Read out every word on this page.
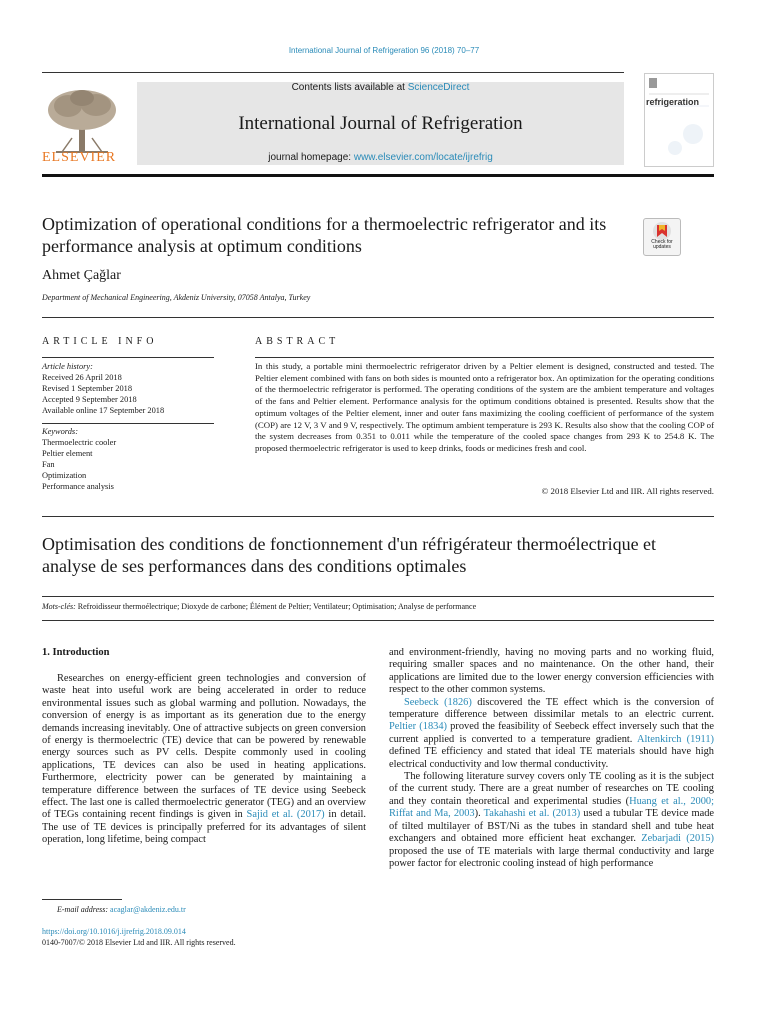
International Journal of Refrigeration 96 (2018) 70–77
ELSEVIER
Contents lists available at ScienceDirect
International Journal of Refrigeration
journal homepage: www.elsevier.com/locate/ijrefrig
refrigeration
Optimization of operational conditions for a thermoelectric refrigerator and its performance analysis at optimum conditions	Check for updates
Ahmet Çağlar
Department of Mechanical Engineering, Akdeniz University, 07058 Antalya, Turkey
ARTICLE INFO	ABSTRACT
Article history:
Received 26 April 2018
Revised 1 September 2018
Accepted 9 September 2018
Available online 17 September 2018
Keywords:
Thermoelectric cooler
Peltier element
Fan
Optimization
Performance analysis
In this study, a portable mini thermoelectric refrigerator driven by a Peltier element is designed, constructed and tested. The Peltier element combined with fans on both sides is mounted onto a refrigerator box. An optimization for the operating conditions of the thermoelectric refrigerator is performed. The operating conditions of the system are the ambient temperature and voltages of the fans and Peltier element. Performance analysis for the optimum conditions obtained is presented. Results show that the optimum voltages of the Peltier element, inner and outer fans maximizing the cooling coefficient of performance of the system (COP) are 12 V, 3 V and 9 V, respectively. The optimum ambient temperature is 293 K. Results also show that the cooling COP of the system decreases from 0.351 to 0.011 while the temperature of the cooled space changes from 293 K to 254.8 K. The proposed thermoelectric refrigerator is used to keep drinks, foods or medicines fresh and cool.
© 2018 Elsevier Ltd and IIR. All rights reserved.
Optimisation des conditions de fonctionnement d'un réfrigérateur thermoélectrique et analyse de ses performances dans des conditions optimales
Mots-clés: Refroidisseur thermoélectrique; Dioxyde de carbone; Élément de Peltier; Ventilateur; Optimisation; Analyse de performance
1. Introduction

Researches on energy-efficient green technologies and conversion of waste heat into useful work are being accelerated in order to reduce environmental issues such as global warming and pollution. Nowadays, the conversion of energy is as important as its generation due to the energy demands increasing inevitably. One of attractive subjects on green conversion of energy is thermoelectric (TE) device that can be powered by renewable energy sources such as PV cells. Despite commonly used in cooling applications, TE devices can also be used in heating applications. Furthermore, electricity power can be generated by maintaining a temperature difference between the surfaces of TE device using Seebeck effect. The last one is called thermoelectric generator (TEG) and an overview of TEGs containing recent findings is given in Sajid et al. (2017) in detail. The use of TE devices is principally preferred for its advantages of silent operation, long lifetime, being compact

and environment-friendly, having no moving parts and no working fluid, requiring smaller spaces and no maintenance. On the other hand, their applications are limited due to the lower energy conversion efficiencies with respect to the other common systems.

Seebeck (1826) discovered the TE effect which is the conversion of temperature difference between dissimilar metals to an electric current. Peltier (1834) proved the feasibility of Seebeck effect inversely such that the current applied is converted to a temperature gradient. Altenkirch (1911) defined TE efficiency and stated that ideal TE materials should have high electrical conductivity and low thermal conductivity.

The following literature survey covers only TE cooling as it is the subject of the current study. There are a great number of researches on TE cooling and they contain theoretical and experimental studies (Huang et al., 2000; Riffat and Ma, 2003). Takahashi et al. (2013) used a tubular TE device made of tilted multilayer of BST/Ni as the tubes in standard shell and tube heat exchangers and obtained more efficient heat exchanger. Zebarjadi (2015) proposed the use of TE materials with large thermal conductivity and large power factor for electronic cooling instead of high performance

E-mail address: acaglar@akdeniz.edu.tr
https://doi.org/10.1016/j.ijrefrig.2018.09.014
0140-7007/© 2018 Elsevier Ltd and IIR. All rights reserved.
